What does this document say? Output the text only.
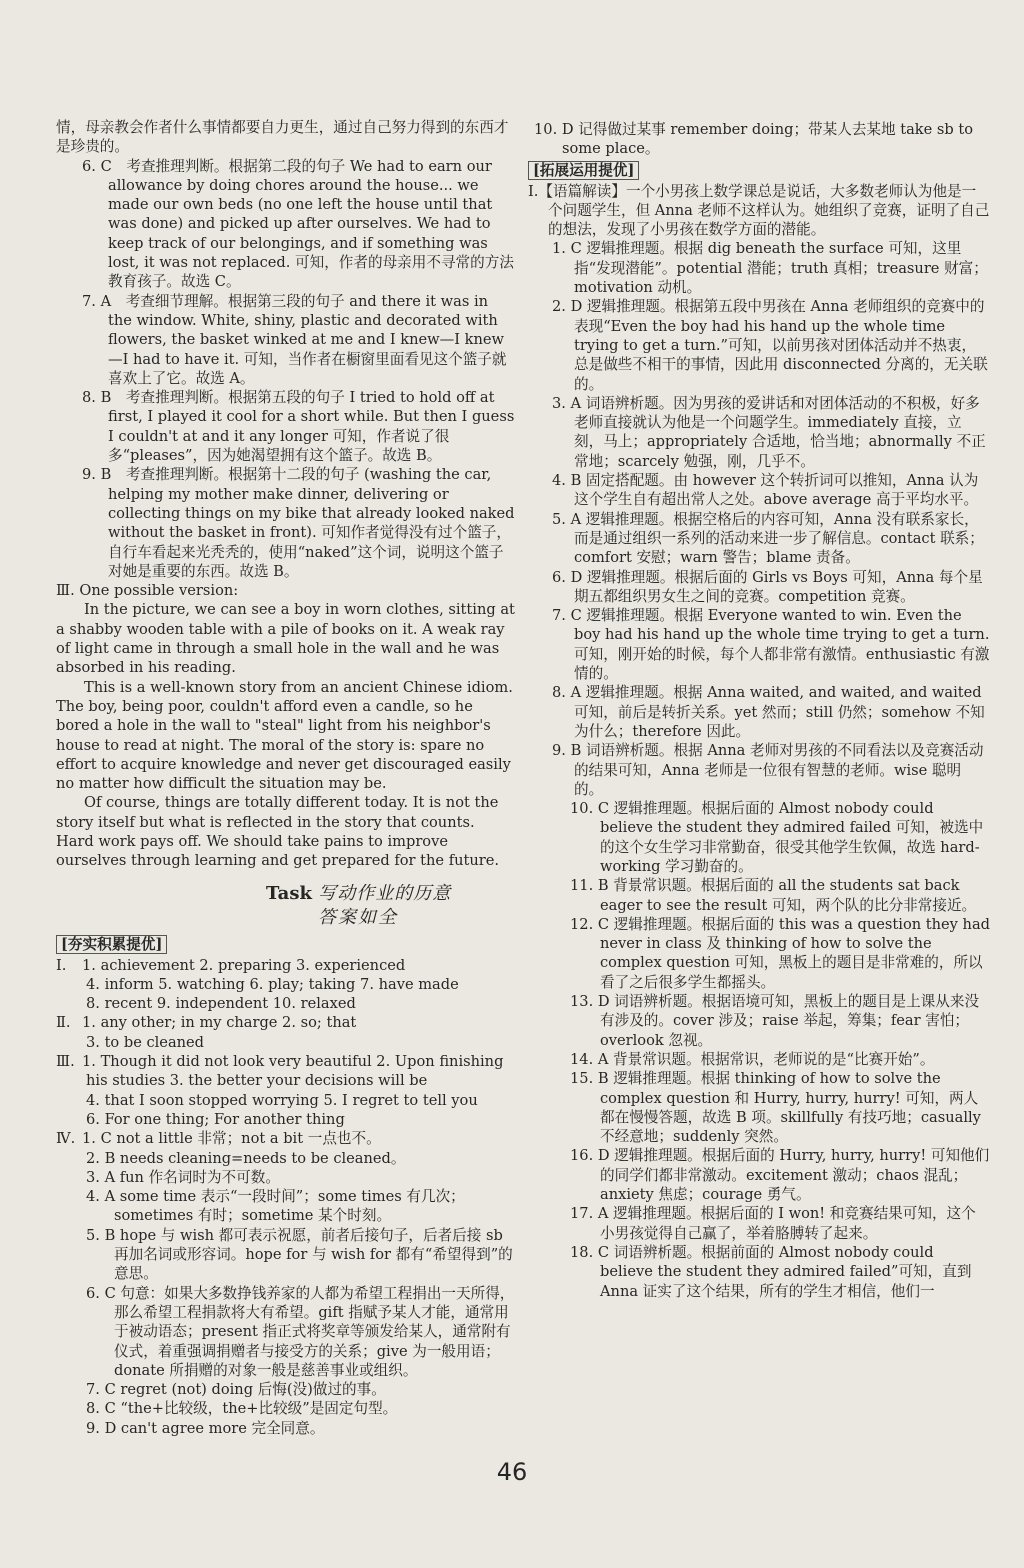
情，母亲教会作者什么事情都要自力更生，通过自己努力得到的东西才是珍贵的。

6. C　 考查推理判断。根据第二段的句子 We had to earn our allowance by doing chores around the house... we made our own beds (no one left the house until that was done) and picked up after ourselves. We had to keep track of our belongings, and if something was lost, it was not replaced. 可知，作者的母亲用不寻常的方法教育孩子。故选 C。

7. A　 考查细节理解。根据第三段的句子 and there it was in the window. White, shiny, plastic and decorated with flowers, the basket winked at me and I knew—I knew—I had to have it. 可知，当作者在橱窗里面看见这个篮子就喜欢上了它。故选 A。

8. B　 考查推理判断。根据第五段的句子 I tried to hold off at first, I played it cool for a short while. But then I guess I couldn't at and it any longer 可知，作者说了很多“pleases”，因为她渴望拥有这个篮子。故选 B。

9. B　 考查推理判断。根据第十二段的句子 (washing the car, helping my mother make dinner, delivering or collecting things on my bike that already looked naked without the basket in front). 可知作者觉得没有过个篮子，自行车看起来光秃秃的，使用“naked”这个词，说明这个篮子对她是重要的东西。故选 B。

Ⅲ. One possible version:

In the picture, we can see a boy in worn clothes, sitting at a shabby wooden table with a pile of books on it. A weak ray of light came in through a small hole in the wall and he was absorbed in his reading.

This is a well-known story from an ancient Chinese idiom. The boy, being poor, couldn't afford even a candle, so he bored a hole in the wall to "steal" light from his neighbor's house to read at night. The moral of the story is: spare no effort to acquire knowledge and never get discouraged easily no matter how difficult the situation may be.

Of course, things are totally different today. It is not the story itself but what is reflected in the story that counts. Hard work pays off. We should take pains to improve ourselves through learning and get prepared for the future.

Task 写动作业的历意
答案如全
[夯实积累提优]

Ⅰ. 1. achievement 2. preparing 3. experienced

4. inform 5. watching 6. play; taking 7. have made

8. recent 9. independent 10. relaxed

Ⅱ. 1. any other; in my charge 2. so; that

3. to be cleaned

Ⅲ. 1. Though it did not look very beautiful 2. Upon finishing his studies 3. the better your decisions will be

4. that I soon stopped worrying 5. I regret to tell you

6. For one thing; For another thing

Ⅳ. 1. C not a little 非常；not a bit 一点也不。

2. B needs cleaning=needs to be cleaned。

3. A fun 作名词时为不可数。

4. A some time 表示“一段时间”；some times 有几次；sometimes 有时；sometime 某个时刻。

5. B hope 与 wish 都可表示祝愿，前者后接句子，后者后接 sb 再加名词或形容词。hope for 与 wish for 都有“希望得到”的意思。

6. C 句意：如果大多数挣钱养家的人都为希望工程捐出一天所得，那么希望工程捐款将大有希望。gift 指赋予某人才能，通常用于被动语态；present 指正式将奖章等颁发给某人，通常附有仪式，着重强调捐赠者与接受方的关系；give 为一般用语；donate 所捐赠的对象一般是慈善事业或组织。

7. C regret (not) doing 后悔(没)做过的事。

8. C “the+比较级，the+比较级”是固定句型。

9. D can't agree more 完全同意。

10. D 记得做过某事 remember doing；带某人去某地 take sb to some place。

[拓展运用提优]

Ⅰ.【语篇解读】一个小男孩上数学课总是说话，大多数老师认为他是一个问题学生，但 Anna 老师不这样认为。她组织了竞赛，证明了自己的想法，发现了小男孩在数学方面的潜能。

1. C 逻辑推理题。根据 dig beneath the surface 可知，这里指“发现潜能”。potential 潜能；truth 真相；treasure 财富；motivation 动机。

2. D 逻辑推理题。根据第五段中男孩在 Anna 老师组织的竞赛中的表现“Even the boy had his hand up the whole time trying to get a turn.”可知，以前男孩对团体活动并不热衷，总是做些不相干的事情，因此用 disconnected 分离的，无关联的。

3. A 词语辨析题。因为男孩的爱讲话和对团体活动的不积极，好多老师直接就认为他是一个问题学生。immediately 直接，立刻，马上；appropriately 合适地，恰当地；abnormally 不正常地；scarcely 勉强，刚，几乎不。

4. B 固定搭配题。由 however 这个转折词可以推知，Anna 认为这个学生自有超出常人之处。above average 高于平均水平。

5. A 逻辑推理题。根据空格后的内容可知，Anna 没有联系家长，而是通过组织一系列的活动来进一步了解信息。contact 联系；comfort 安慰；warn 警告；blame 责备。

6. D 逻辑推理题。根据后面的 Girls vs Boys 可知，Anna 每个星期五都组织男女生之间的竞赛。competition 竞赛。

7. C 逻辑推理题。根据 Everyone wanted to win. Even the boy had his hand up the whole time trying to get a turn. 可知，刚开始的时候，每个人都非常有激情。enthusiastic 有激情的。

8. A 逻辑推理题。根据 Anna waited, and waited, and waited 可知，前后是转折关系。yet 然而；still 仍然；somehow 不知为什么；therefore 因此。

9. B 词语辨析题。根据 Anna 老师对男孩的不同看法以及竞赛活动的结果可知，Anna 老师是一位很有智慧的老师。wise 聪明的。

10. C 逻辑推理题。根据后面的 Almost nobody could believe the student they admired failed 可知，被选中的这个女生学习非常勤奋，很受其他学生钦佩，故选 hard-working 学习勤奋的。

11. B 背景常识题。根据后面的 all the students sat back eager to see the result 可知，两个队的比分非常接近。

12. C 逻辑推理题。根据后面的 this was a question they had never in class 及 thinking of how to solve the complex question 可知，黑板上的题目是非常难的，所以看了之后很多学生都摇头。

13. D 词语辨析题。根据语境可知，黑板上的题目是上课从来没有涉及的。cover 涉及；raise 举起，筹集；fear 害怕；overlook 忽视。

14. A 背景常识题。根据常识，老师说的是“比赛开始”。

15. B 逻辑推理题。根据 thinking of how to solve the complex question 和 Hurry, hurry, hurry! 可知，两人都在慢慢答题，故选 B 项。skillfully 有技巧地；casually 不经意地；suddenly 突然。

16. D 逻辑推理题。根据后面的 Hurry, hurry, hurry! 可知他们的同学们都非常激动。excitement 激动；chaos 混乱；anxiety 焦虑；courage 勇气。

17. A 逻辑推理题。根据后面的 I won! 和竞赛结果可知，这个小男孩觉得自己赢了，举着胳膊转了起来。

18. C 词语辨析题。根据前面的 Almost nobody could believe the student they admired failed”可知，直到 Anna 证实了这个结果，所有的学生才相信，他们一

46
